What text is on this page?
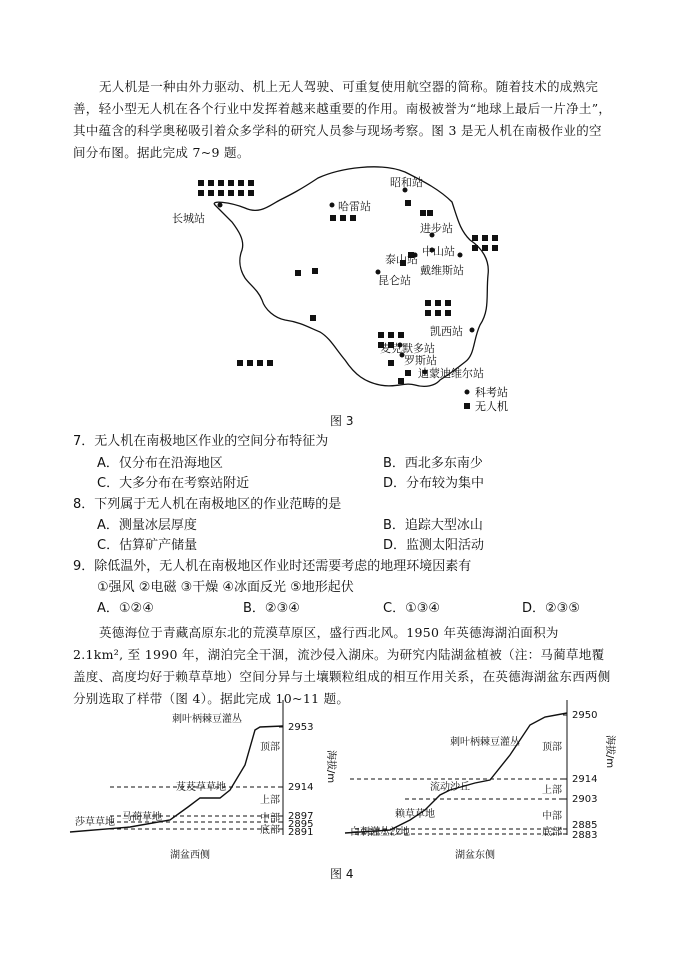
无人机是一种由外力驱动、机上无人驾驶、可重复使用航空器的简称。随着技术的成熟完善，轻小型无人机在各个行业中发挥着越来越重要的作用。南极被誉为“地球上最后一片净土”，其中蕴含的科学奥秘吸引着众多学科的研究人员参与现场考察。图 3 是无人机在南极作业的空间分布图。据此完成 7~9 题。
长城站
哈雷站
昭和站
进步站
中山站
泰山站
戴维斯站
昆仑站
凯西站
麦克默多站
罗斯站
迪蒙迪维尔站
科考站
无人机
图 3
7．无人机在南极地区作业的空间分布特征为
A．仅分布在沿海地区	B．西北多东南少
C．大多分布在考察站附近	D．分布较为集中
8．下列属于无人机在南极地区的作业范畴的是
A．测量冰层厚度	B．追踪大型冰山
C．估算矿产储量	D．监测太阳活动
9．除低温外，无人机在南极地区作业时还需要考虑的地理环境因素有
①强风 ②电磁 ③干燥 ④冰面反光 ⑤地形起伏
A．①②④	B．②③④	C．①③④	D．②③⑤
英德海位于青藏高原东北的荒漠草原区，盛行西北风。1950 年英德海湖泊面积为 2.1km², 至 1990 年，湖泊完全干涸，流沙侵入湖床。为研究内陆湖盆植被（注：马蔺草地覆盖度、高度均好于赖草草地）空间分异与土壤颗粒组成的相互作用关系，在英德海湖盆东西两侧分别选取了样带（图 4）。据此完成 10~11 题。
刺叶柄棘豆灌丛
芨芨草草地
马蔺草地
莎草草地
顶部
上部
中部
底部
2953
2914
2897
2895
2891
湖盆西侧
海拔/m
刺叶柄棘豆灌丛
流动沙丘
赖草草地
白刺灌丛沙地
顶部
上部
中部
底部
2950
2914
2903
2885
2883
湖盆东侧
海拔/m
图 4
